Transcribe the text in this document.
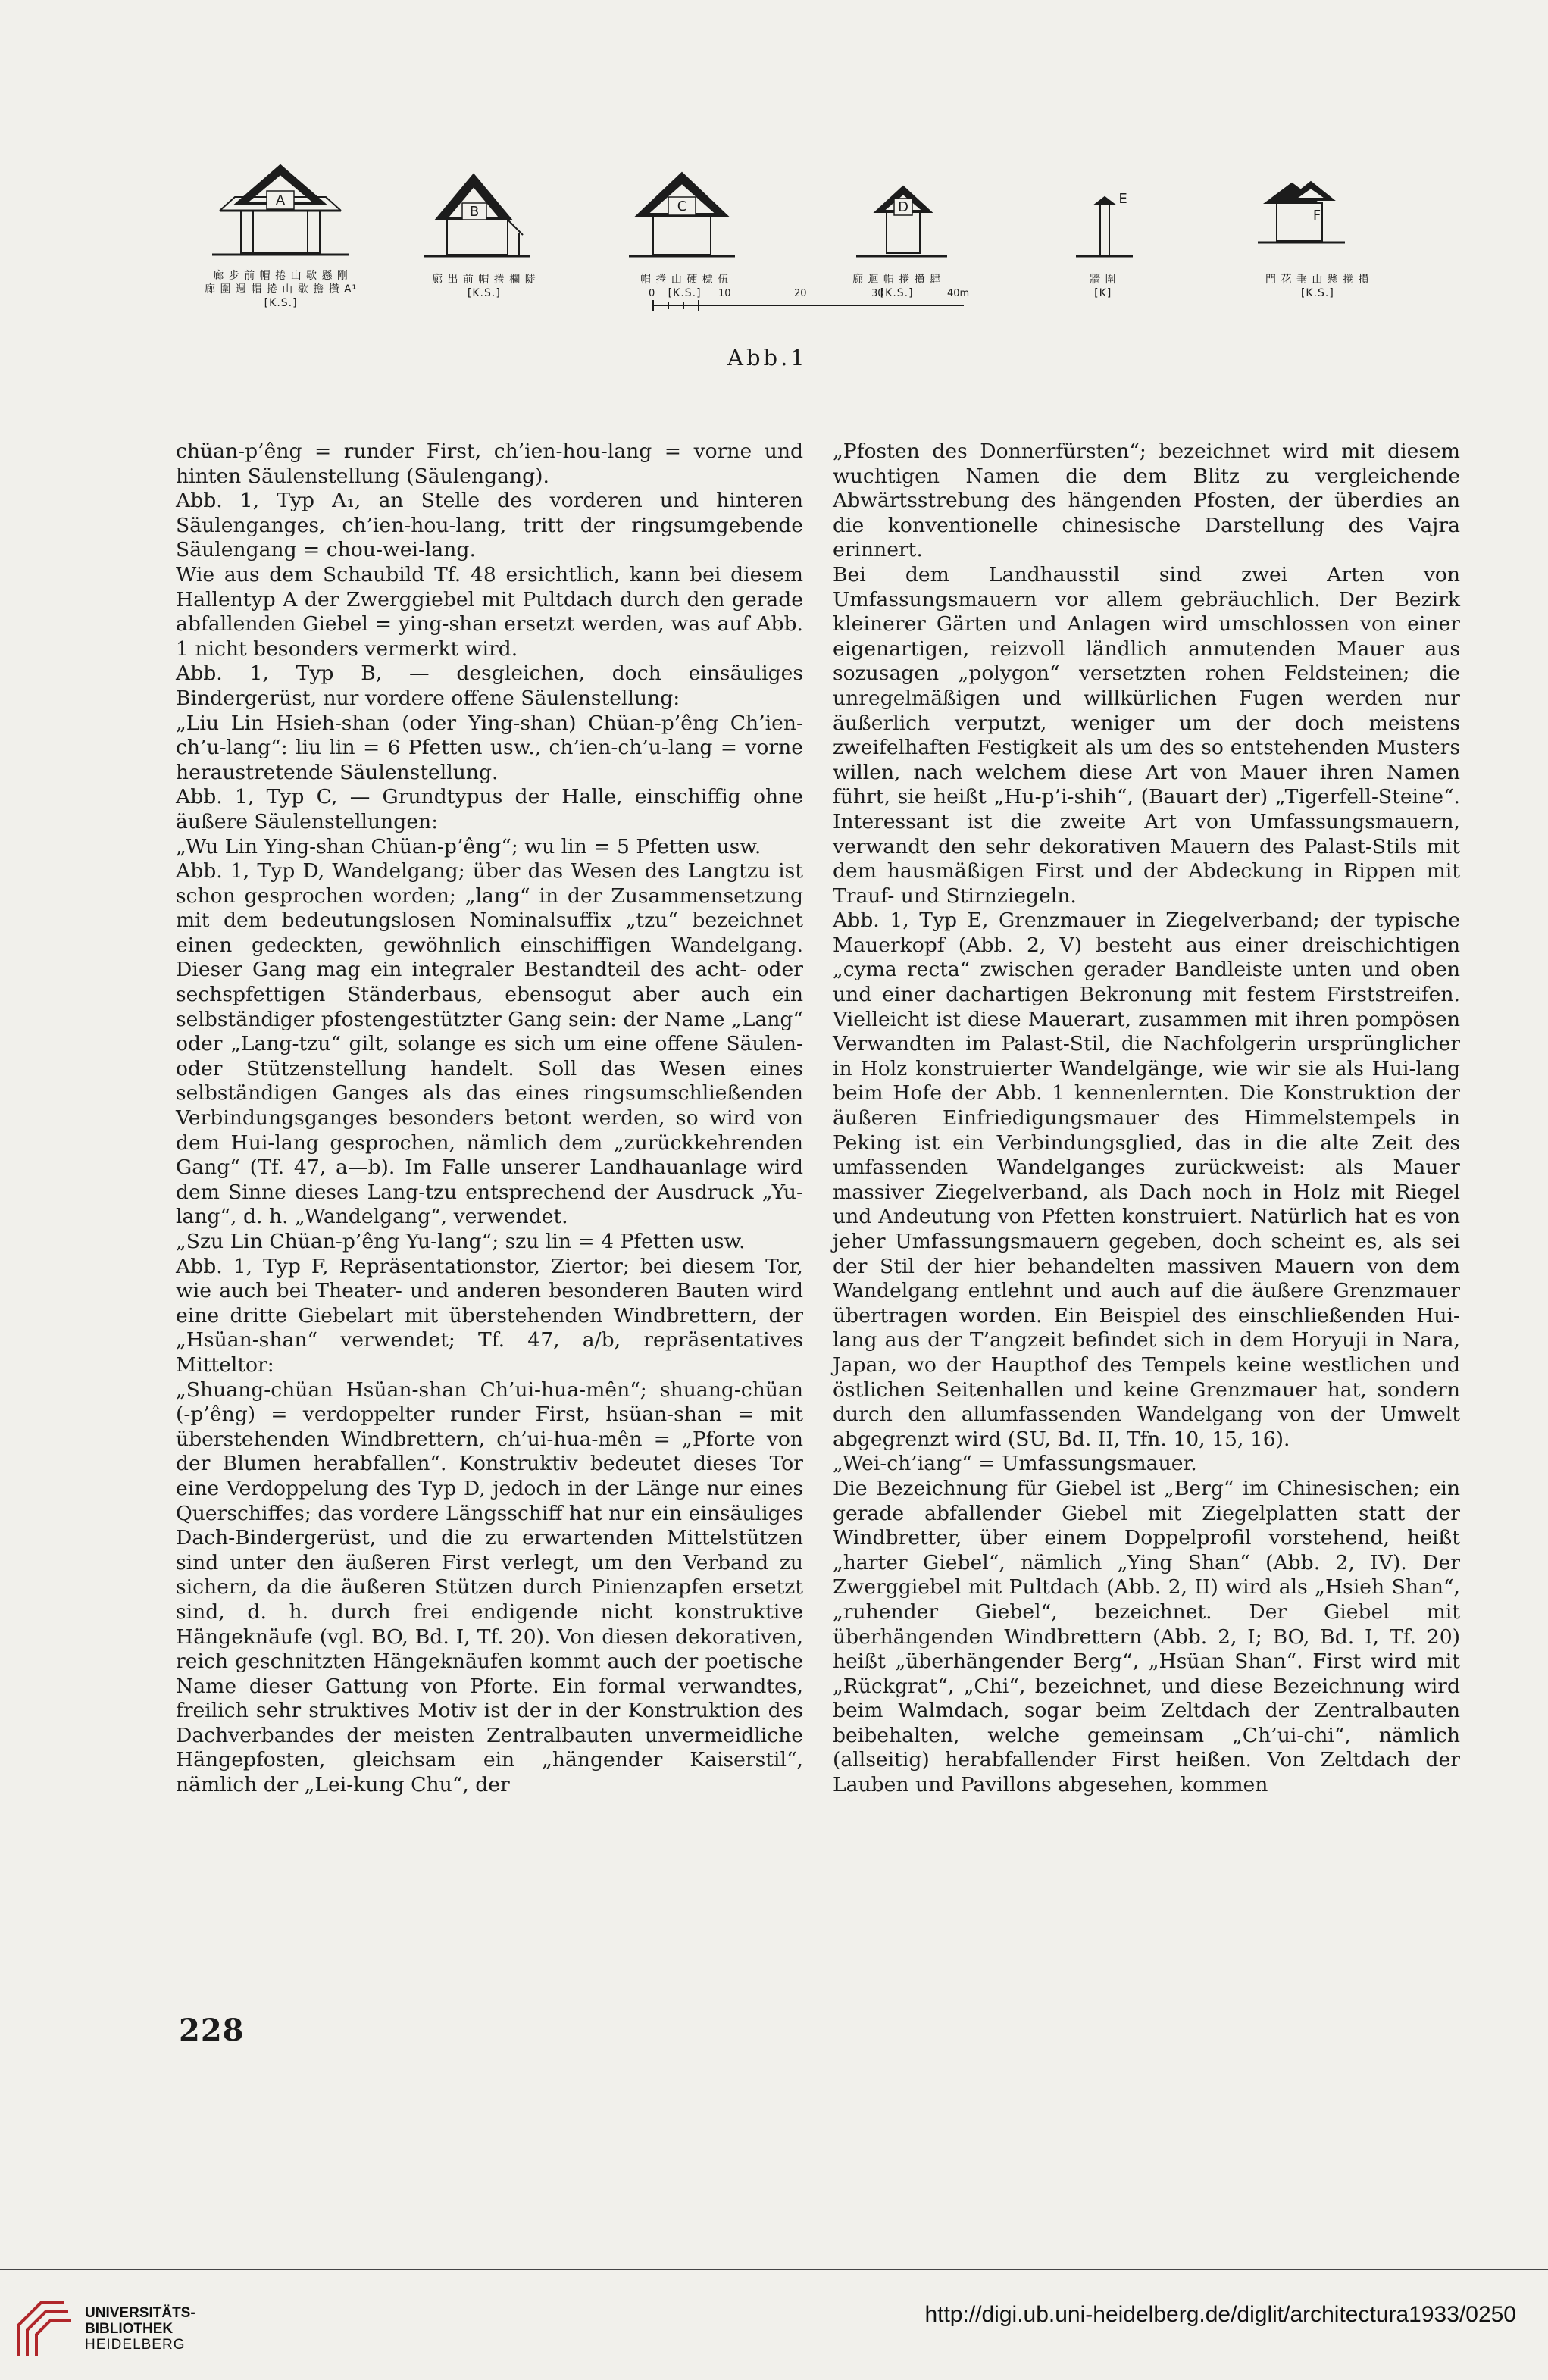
A
B	C	D
E
F
廊 步 前 帽 捲 山 歇 懸 剛
廊 圍 週 帽 捲 山 歇 擔 攢 A¹
[K.S.]
廊 出 前 帽 捲 欄 陡
[K.S.]
帽 捲 山 硬 標 伍
[K.S.]
廊 迴 帽 捲 攢 肆
[K.S.]
牆 圍
[K]
門 花 垂 山 懸 捲 攅
[K.S.]
0	10	20	30	40m
Abb.1

chüan-p’êng = runder First, ch’ien-hou-lang = vorne und hinten Säulenstellung (Säulengang).

Abb. 1, Typ A₁, an Stelle des vorderen und hinteren Säulenganges, ch’ien-hou-lang, tritt der ringsumgebende Säulengang = chou-wei-lang.

Wie aus dem Schaubild Tf. 48 ersichtlich, kann bei diesem Hallentyp A der Zwerggiebel mit Pultdach durch den gerade abfallenden Giebel = ying-shan ersetzt werden, was auf Abb. 1 nicht besonders vermerkt wird.

Abb. 1, Typ B, — desgleichen, doch einsäuliges Bindergerüst, nur vordere offene Säulenstellung:

„Liu Lin Hsieh-shan (oder Ying-shan) Chüan-p’êng Ch’ien-ch’u-lang“: liu lin = 6 Pfetten usw., ch’ien-ch’u-lang = vorne heraustretende Säulenstellung.

Abb. 1, Typ C, — Grundtypus der Halle, einschiffig ohne äußere Säulenstellungen:

„Wu Lin Ying-shan Chüan-p’êng“; wu lin = 5 Pfetten usw.

Abb. 1, Typ D, Wandelgang; über das Wesen des Langtzu ist schon gesprochen worden; „lang“ in der Zusammensetzung mit dem bedeutungslosen Nominalsuffix „tzu“ bezeichnet einen gedeckten, gewöhnlich einschiffigen Wandelgang. Dieser Gang mag ein integraler Bestandteil des acht- oder sechspfettigen Ständerbaus, ebensogut aber auch ein selbständiger pfostengestützter Gang sein: der Name „Lang“ oder „Lang-tzu“ gilt, solange es sich um eine offene Säulen- oder Stützenstellung handelt. Soll das Wesen eines selbständigen Ganges als das eines ringsumschließenden Verbindungsganges besonders betont werden, so wird von dem Hui-lang gesprochen, nämlich dem „zurückkehrenden Gang“ (Tf. 47, a—b). Im Falle unserer Landhauanlage wird dem Sinne dieses Lang-tzu entsprechend der Ausdruck „Yu-lang“, d. h. „Wandelgang“, verwendet.

„Szu Lin Chüan-p’êng Yu-lang“; szu lin = 4 Pfetten usw.

Abb. 1, Typ F, Repräsentationstor, Ziertor; bei diesem Tor, wie auch bei Theater- und anderen besonderen Bauten wird eine dritte Giebelart mit überstehenden Windbrettern, der „Hsüan-shan“ verwendet; Tf. 47, a/b, repräsentatives Mitteltor:

„Shuang-chüan Hsüan-shan Ch’ui-hua-mên“; shuang-chüan (-p’êng) = verdoppelter runder First, hsüan-shan = mit überstehenden Windbrettern, ch’ui-hua-mên = „Pforte von der Blumen herabfallen“. Konstruktiv bedeutet dieses Tor eine Verdoppelung des Typ D, jedoch in der Länge nur eines Querschiffes; das vordere Längsschiff hat nur ein einsäuliges Dach-Bindergerüst, und die zu erwartenden Mittelstützen sind unter den äußeren First verlegt, um den Verband zu sichern, da die äußeren Stützen durch Pinienzapfen ersetzt sind, d. h. durch frei endigende nicht konstruktive Hängeknäufe (vgl. BO, Bd. I, Tf. 20). Von diesen dekorativen, reich geschnitzten Hängeknäufen kommt auch der poetische Name dieser Gattung von Pforte. Ein formal verwandtes, freilich sehr struktives Motiv ist der in der Konstruktion des Dachverbandes der meisten Zentralbauten unvermeidliche Hängepfosten, gleichsam ein „hängender Kaiserstil“, nämlich der „Lei-kung Chu“, der

„Pfosten des Donnerfürsten“; bezeichnet wird mit diesem wuchtigen Namen die dem Blitz zu vergleichende Abwärtsstrebung des hängenden Pfosten, der überdies an die konventionelle chinesische Darstellung des Vajra erinnert.

Bei dem Landhausstil sind zwei Arten von Umfassungsmauern vor allem gebräuchlich. Der Bezirk kleinerer Gärten und Anlagen wird umschlossen von einer eigenartigen, reizvoll ländlich anmutenden Mauer aus sozusagen „polygon“ versetzten rohen Feldsteinen; die unregelmäßigen und willkürlichen Fugen werden nur äußerlich verputzt, weniger um der doch meistens zweifelhaften Festigkeit als um des so entstehenden Musters willen, nach welchem diese Art von Mauer ihren Namen führt, sie heißt „Hu-p’i-shih“, (Bauart der) „Tigerfell-Steine“. Interessant ist die zweite Art von Umfassungsmauern, verwandt den sehr dekorativen Mauern des Palast-Stils mit dem hausmäßigen First und der Abdeckung in Rippen mit Trauf- und Stirnziegeln.

Abb. 1, Typ E, Grenzmauer in Ziegelverband; der typische Mauerkopf (Abb. 2, V) besteht aus einer dreischichtigen „cyma recta“ zwischen gerader Bandleiste unten und oben und einer dachartigen Bekronung mit festem Firststreifen. Vielleicht ist diese Mauerart, zusammen mit ihren pompösen Verwandten im Palast-Stil, die Nachfolgerin ursprünglicher in Holz konstruierter Wandelgänge, wie wir sie als Hui-lang beim Hofe der Abb. 1 kennenlernten. Die Konstruktion der äußeren Einfriedigungsmauer des Himmelstempels in Peking ist ein Verbindungsglied, das in die alte Zeit des umfassenden Wandelganges zurückweist: als Mauer massiver Ziegelverband, als Dach noch in Holz mit Riegel und Andeutung von Pfetten konstruiert. Natürlich hat es von jeher Umfassungsmauern gegeben, doch scheint es, als sei der Stil der hier behandelten massiven Mauern von dem Wandelgang entlehnt und auch auf die äußere Grenzmauer übertragen worden. Ein Beispiel des einschließenden Hui-lang aus der T’angzeit befindet sich in dem Horyuji in Nara, Japan, wo der Haupthof des Tempels keine westlichen und östlichen Seitenhallen und keine Grenzmauer hat, sondern durch den allumfassenden Wandelgang von der Umwelt abgegrenzt wird (SU, Bd. II, Tfn. 10, 15, 16).

„Wei-ch’iang“ = Umfassungsmauer.

Die Bezeichnung für Giebel ist „Berg“ im Chinesischen; ein gerade abfallender Giebel mit Ziegelplatten statt der Windbretter, über einem Doppelprofil vorstehend, heißt „harter Giebel“, nämlich „Ying Shan“ (Abb. 2, IV). Der Zwerggiebel mit Pultdach (Abb. 2, II) wird als „Hsieh Shan“, „ruhender Giebel“, bezeichnet. Der Giebel mit überhängenden Windbrettern (Abb. 2, I; BO, Bd. I, Tf. 20) heißt „überhängender Berg“, „Hsüan Shan“. First wird mit „Rückgrat“, „Chi“, bezeichnet, und diese Bezeichnung wird beim Walmdach, sogar beim Zeltdach der Zentralbauten beibehalten, welche gemeinsam „Ch’ui-chi“, nämlich (allseitig) herabfallender First heißen. Von Zeltdach der Lauben und Pavillons abgesehen, kommen

228
UNIVERSITÄTS-
BIBLIOTHEK
HEIDELBERG
http://digi.ub.uni-heidelberg.de/diglit/architectura1933/0250
